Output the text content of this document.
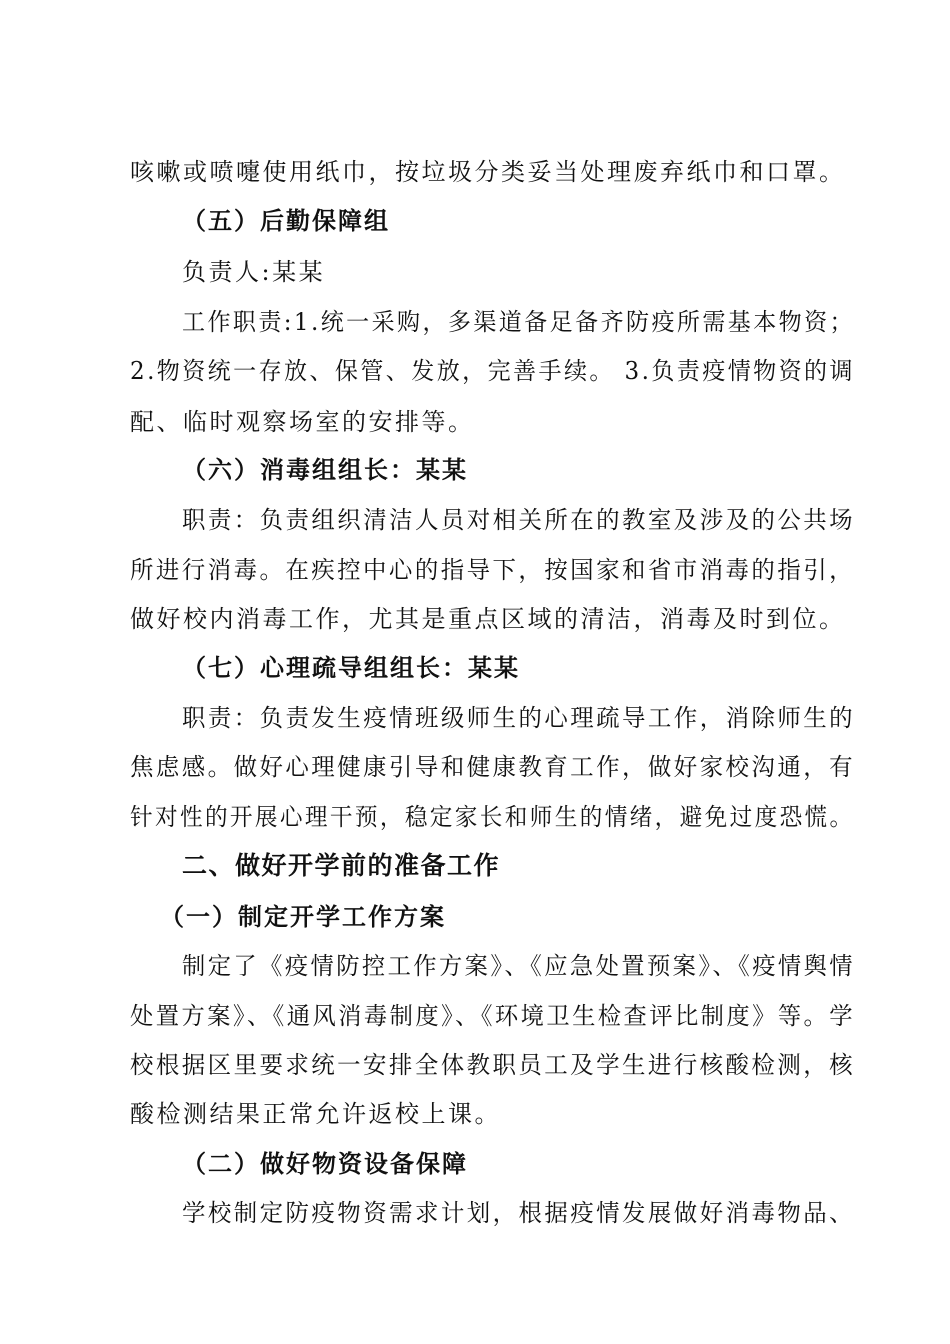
咳嗽或喷嚏使用纸巾，按垃圾分类妥当处理废弃纸巾和口罩。
（五）后勤保障组
负责人:某某
工作职责:1.统一采购，多渠道备足备齐防疫所需基本物资；
2.物资统一存放、保管、发放，完善手续。 3.负责疫情物资的调
配、临时观察场室的安排等。
（六）消毒组组长：某某
职责：负责组织清洁人员对相关所在的教室及涉及的公共场
所进行消毒。在疾控中心的指导下，按国家和省市消毒的指引，
做好校内消毒工作，尤其是重点区域的清洁，消毒及时到位。
（七）心理疏导组组长：某某
职责：负责发生疫情班级师生的心理疏导工作，消除师生的
焦虑感。做好心理健康引导和健康教育工作，做好家校沟通，有
针对性的开展心理干预，稳定家长和师生的情绪，避免过度恐慌。
二、做好开学前的准备工作
（一）制定开学工作方案
制定了《疫情防控工作方案》、《应急处置预案》、《疫情舆情
处置方案》、《通风消毒制度》、《环境卫生检查评比制度》等。学
校根据区里要求统一安排全体教职员工及学生进行核酸检测，核
酸检测结果正常允许返校上课。
（二）做好物资设备保障
学校制定防疫物资需求计划，根据疫情发展做好消毒物品、
